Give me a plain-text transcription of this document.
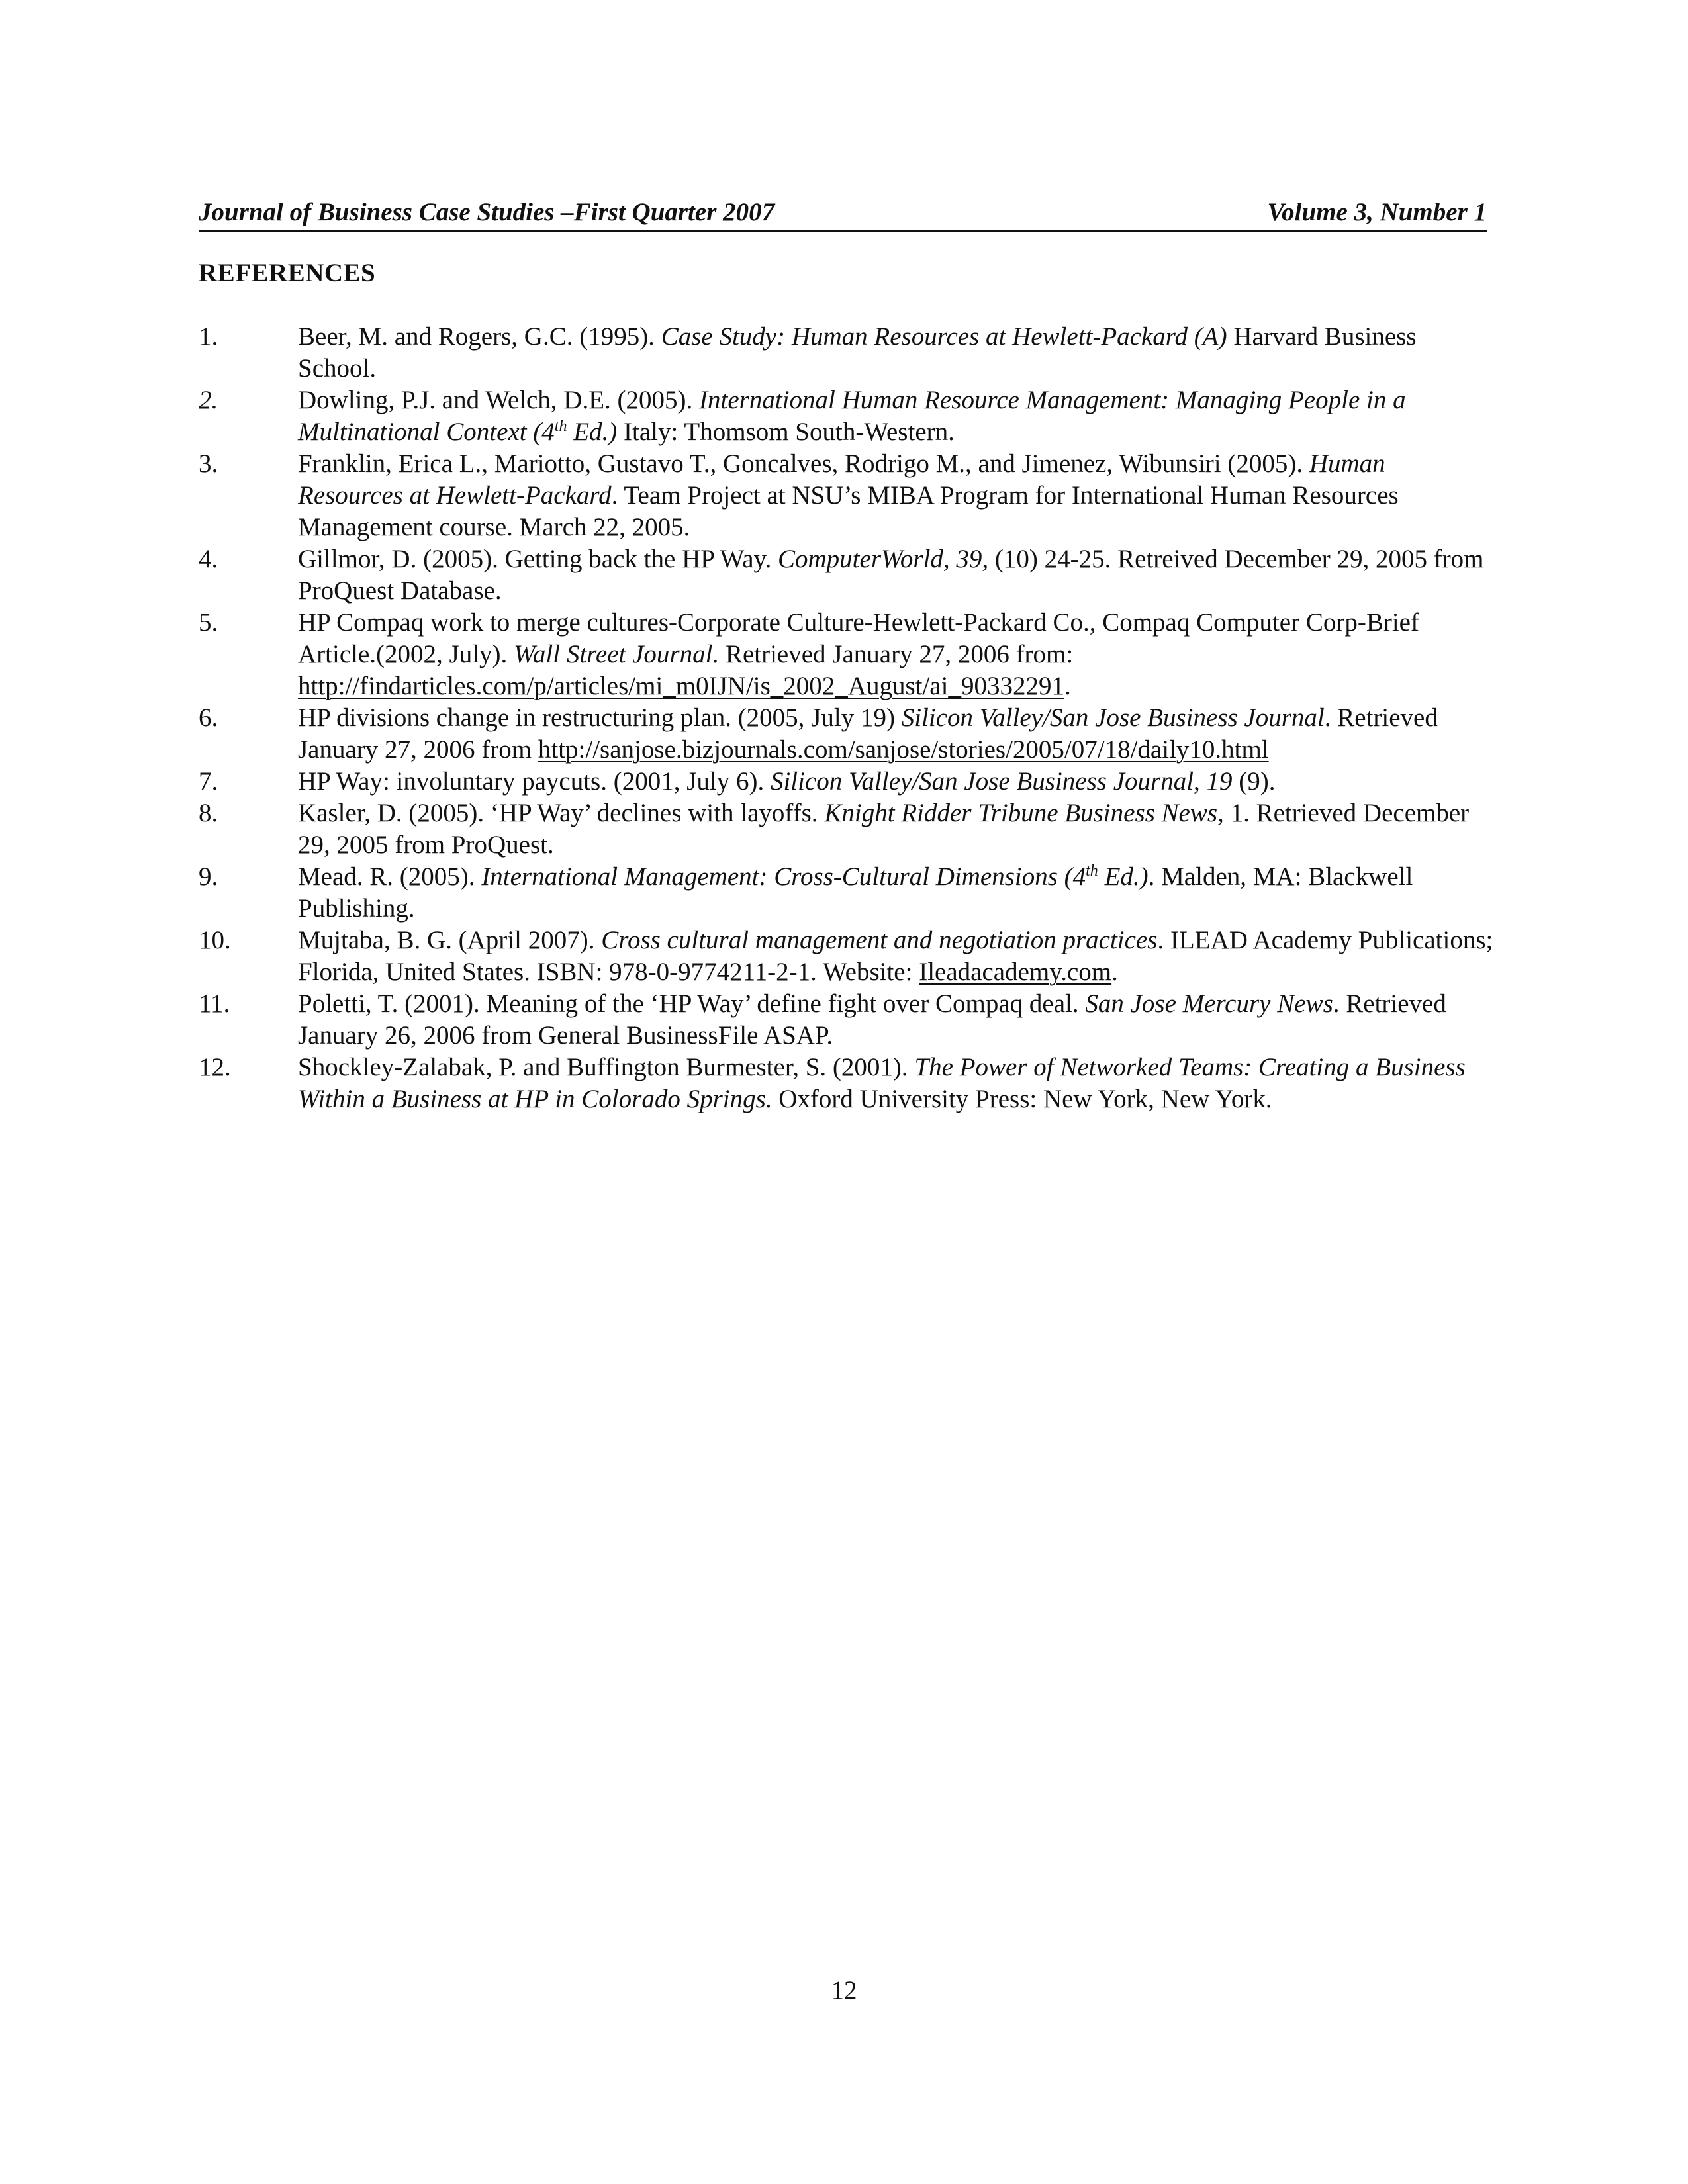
Journal of Business Case Studies –First Quarter 2007	Volume 3, Number 1
REFERENCES
1.	Beer, M. and Rogers, G.C. (1995). Case Study: Human Resources at Hewlett-Packard (A) Harvard Business School.
2.	Dowling, P.J. and Welch, D.E. (2005). International Human Resource Management: Managing People in a Multinational Context (4th Ed.) Italy: Thomsom South-Western.
3.	Franklin, Erica L., Mariotto, Gustavo T., Goncalves, Rodrigo M., and Jimenez, Wibunsiri (2005). Human Resources at Hewlett-Packard. Team Project at NSU’s MIBA Program for International Human Resources Management course. March 22, 2005.
4.	Gillmor, D. (2005). Getting back the HP Way. ComputerWorld, 39, (10) 24-25. Retreived December 29, 2005 from ProQuest Database.
5.	HP Compaq work to merge cultures-Corporate Culture-Hewlett-Packard Co., Compaq Computer Corp-Brief Article.(2002, July). Wall Street Journal. Retrieved January 27, 2006 from: http://findarticles.com/p/articles/mi_m0IJN/is_2002_August/ai_90332291.
6.	HP divisions change in restructuring plan. (2005, July 19) Silicon Valley/San Jose Business Journal. Retrieved January 27, 2006 from http://sanjose.bizjournals.com/sanjose/stories/2005/07/18/daily10.html
7.	HP Way: involuntary paycuts. (2001, July 6). Silicon Valley/San Jose Business Journal, 19 (9).
8.	Kasler, D. (2005). ‘HP Way’ declines with layoffs. Knight Ridder Tribune Business News, 1. Retrieved December 29, 2005 from ProQuest.
9.	Mead. R. (2005). International Management: Cross-Cultural Dimensions (4th Ed.). Malden, MA: Blackwell Publishing.
10.	Mujtaba, B. G. (April 2007). Cross cultural management and negotiation practices. ILEAD Academy Publications; Florida, United States. ISBN: 978-0-9774211-2-1. Website: Ileadacademy.com.
11.	Poletti, T. (2001). Meaning of the ‘HP Way’ define fight over Compaq deal. San Jose Mercury News. Retrieved January 26, 2006 from General BusinessFile ASAP.
12.	Shockley-Zalabak, P. and Buffington Burmester, S. (2001). The Power of Networked Teams: Creating a Business Within a Business at HP in Colorado Springs. Oxford University Press: New York, New York.
12
